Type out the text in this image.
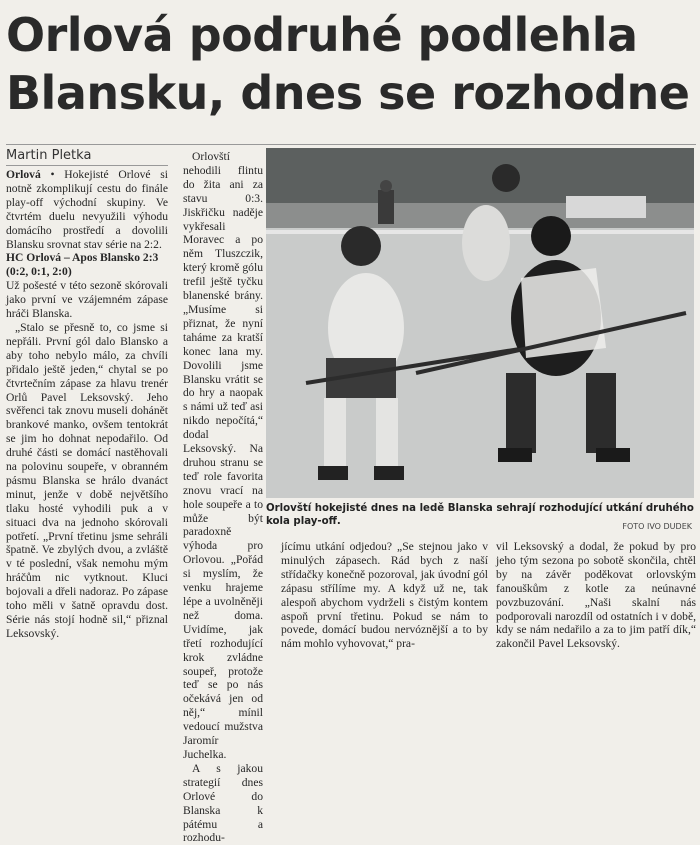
Orlová podruhé podlehla
Blansku, dnes se rozhodne
Martin Pletka

Orlová • Hokejisté Orlové si notně zkomplikují cestu do finále play-off východní skupiny. Ve čtvrtém duelu nevyužili výhodu domácího prostředí a dovolili Blansku srovnat stav série na 2:2.

HC Orlová – Apos Blansko 2:3
(0:2, 0:1, 2:0)

Už pošesté v této sezoně skórovali jako první ve vzájemném zápase hráči Blanska.

„Stalo se přesně to, co jsme si nepřáli. První gól dalo Blansko a aby toho nebylo málo, za chvíli přidalo ještě jeden,“ chytal se po čtvrtečním zápase za hlavu trenér Orlů Pavel Leksovský. Jeho svěřenci tak znovu museli dohánět brankové manko, ovšem tentokrát se jim ho dohnat nepodařilo. Od druhé části se domácí nastěhovali na polovinu soupeře, v obranném pásmu Blanska se hrálo dvanáct minut, jenže v době největšího tlaku hosté vyhodili puk a v situaci dva na jednoho skórovali potřetí. „První třetinu jsme sehráli špatně. Ve zbylých dvou, a zvláště v té poslední, však nemohu mým hráčům nic vytknout. Kluci bojovali a dřeli nadoraz. Po zápase toho měli v šatně opravdu dost. Série nás stojí hodně sil,“ přiznal Leksovský.

Orlovští nehodili flintu do žita ani za stavu 0:3. Jiskřičku naděje vykřesali Moravec a po něm Tluszczik, který kromě gólu trefil ještě tyčku blanenské brány. „Musíme si přiznat, že nyní taháme za kratší konec lana my. Dovolili jsme Blansku vrátit se do hry a naopak s námi už teď asi nikdo nepočítá,“ dodal Leksovský. Na druhou stranu se teď role favorita znovu vrací na hole soupeře a to může být paradoxně výhoda pro Orlovou. „Pořád si myslím, že venku hrajeme lépe a uvolněněji než doma. Uvidíme, jak třetí rozhodující krok zvládne soupeř, protože teď se po nás očekává jen od něj,“ mínil vedoucí mužstva Jaromír Juchelka.

A s jakou strategií dnes Orlové do Blanska k pátému a rozhodu-

Orlovští hokejisté dnes na ledě Blanska sehrají rozhodující utkání druhého kola play-off.	FOTO IVO DUDEK

jícímu utkání odjedou? „Se stejnou jako v minulých zápasech. Rád bych z naší střídačky konečně pozoroval, jak úvodní gól zápasu střílíme my. A když už ne, tak alespoň abychom vydrželi s čistým kontem aspoň první třetinu. Pokud se nám to povede, domácí budou nervóznější a to by nám mohlo vyhovovat,“ pra-

vil Leksovský a dodal, že pokud by pro jeho tým sezona po sobotě skončila, chtěl by na závěr poděkovat orlovským fanouškům z kotle za neúnavné povzbuzování. „Naši skalní nás podporovali narozdíl od ostatních i v době, kdy se nám nedařilo a za to jim patří dík,“ zakončil Pavel Leksovský.
